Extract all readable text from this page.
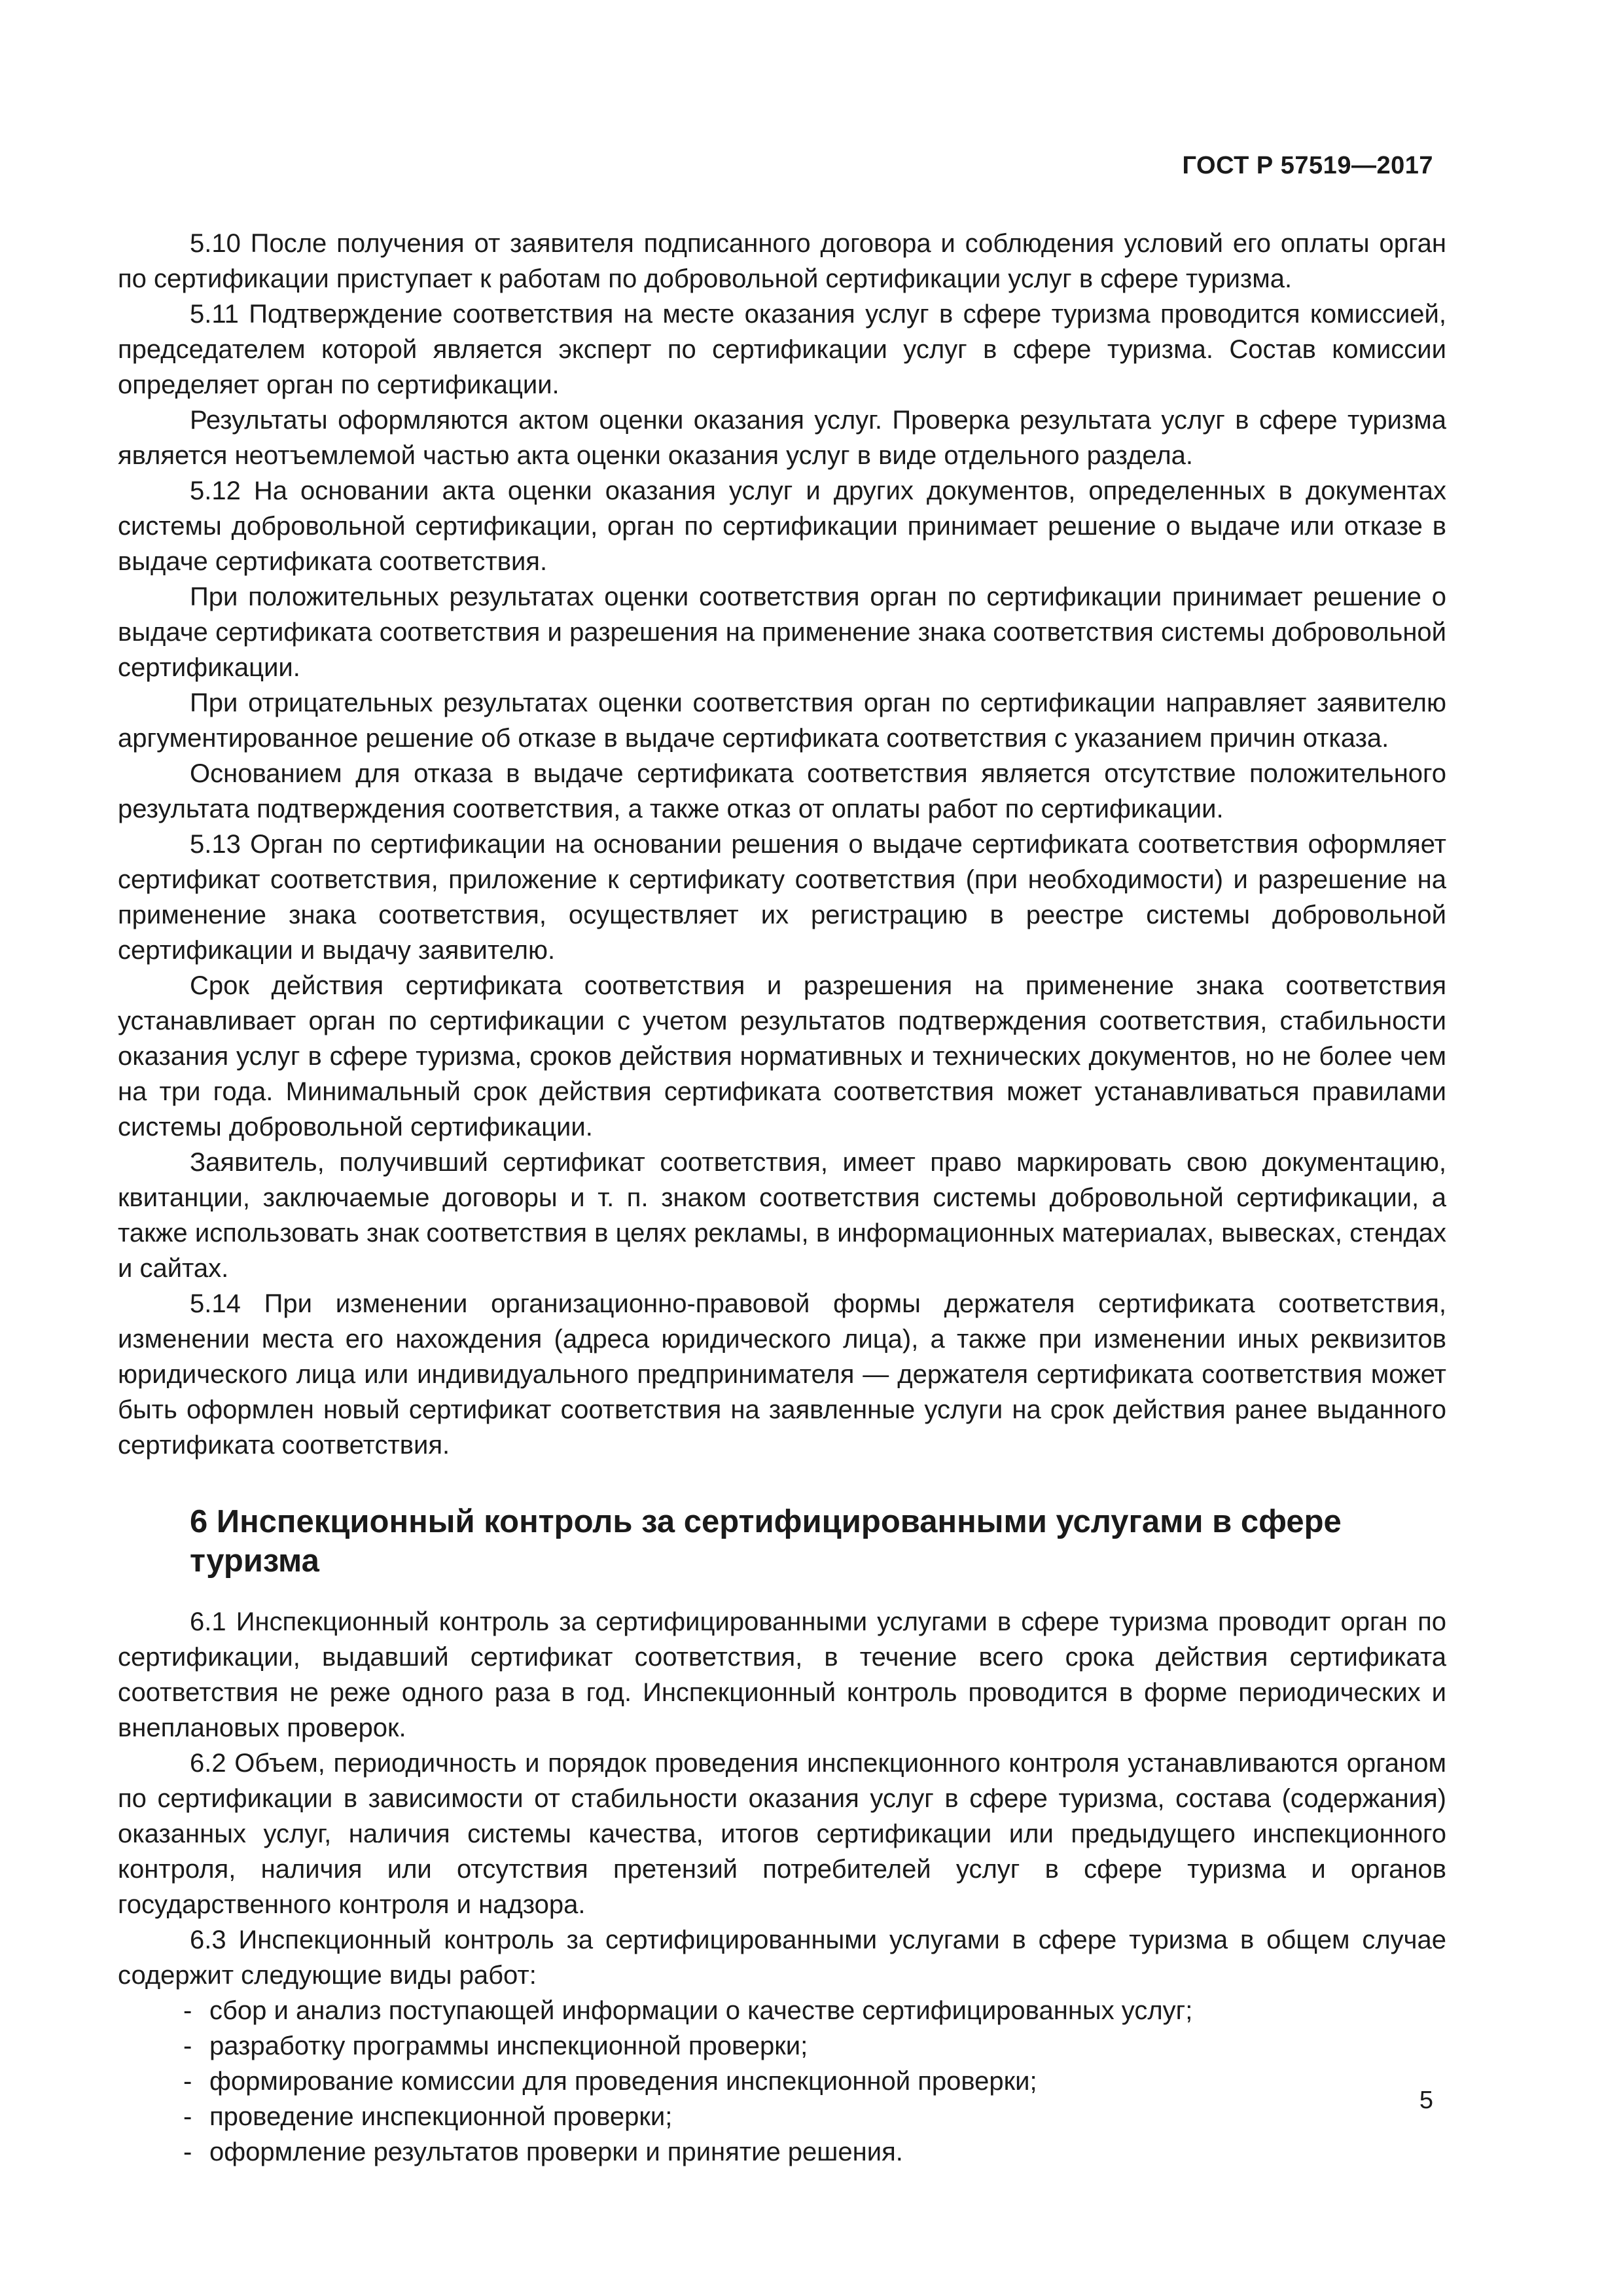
ГОСТ Р 57519—2017

5.10 После получения от заявителя подписанного договора и соблюдения условий его оплаты орган по сертификации приступает к работам по добровольной сертификации услуг в сфере туризма.

5.11 Подтверждение соответствия на месте оказания услуг в сфере туризма проводится комиссией, председателем которой является эксперт по сертификации услуг в сфере туризма. Состав комиссии определяет орган по сертификации.

Результаты оформляются актом оценки оказания услуг. Проверка результата услуг в сфере туризма является неотъемлемой частью акта оценки оказания услуг в виде отдельного раздела.

5.12 На основании акта оценки оказания услуг и других документов, определенных в документах системы добровольной сертификации, орган по сертификации принимает решение о выдаче или отказе в выдаче сертификата соответствия.

При положительных результатах оценки соответствия орган по сертификации принимает решение о выдаче сертификата соответствия и разрешения на применение знака соответствия системы добровольной сертификации.

При отрицательных результатах оценки соответствия орган по сертификации направляет заявителю аргументированное решение об отказе в выдаче сертификата соответствия с указанием причин отказа.

Основанием для отказа в выдаче сертификата соответствия является отсутствие положительного результата подтверждения соответствия, а также отказ от оплаты работ по сертификации.

5.13 Орган по сертификации на основании решения о выдаче сертификата соответствия оформляет сертификат соответствия, приложение к сертификату соответствия (при необходимости) и разрешение на применение знака соответствия, осуществляет их регистрацию в реестре системы добровольной сертификации и выдачу заявителю.

Срок действия сертификата соответствия и разрешения на применение знака соответствия устанавливает орган по сертификации с учетом результатов подтверждения соответствия, стабильности оказания услуг в сфере туризма, сроков действия нормативных и технических документов, но не более чем на три года. Минимальный срок действия сертификата соответствия может устанавливаться правилами системы добровольной сертификации.

Заявитель, получивший сертификат соответствия, имеет право маркировать свою документацию, квитанции, заключаемые договоры и т. п. знаком соответствия системы добровольной сертификации, а также использовать знак соответствия в целях рекламы, в информационных материалах, вывесках, стендах и сайтах.

5.14 При изменении организационно-правовой формы держателя сертификата соответствия, изменении места его нахождения (адреса юридического лица), а также при изменении иных реквизитов юридического лица или индивидуального предпринимателя — держателя сертификата соответствия может быть оформлен новый сертификат соответствия на заявленные услуги на срок действия ранее выданного сертификата соответствия.

6 Инспекционный контроль за сертифицированными услугами в сфере туризма

6.1 Инспекционный контроль за сертифицированными услугами в сфере туризма проводит орган по сертификации, выдавший сертификат соответствия, в течение всего срока действия сертификата соответствия не реже одного раза в год. Инспекционный контроль проводится в форме периодических и внеплановых проверок.

6.2 Объем, периодичность и порядок проведения инспекционного контроля устанавливаются органом по сертификации в зависимости от стабильности оказания услуг в сфере туризма, состава (содержания) оказанных услуг, наличия системы качества, итогов сертификации или предыдущего инспекционного контроля, наличия или отсутствия претензий потребителей услуг в сфере туризма и органов государственного контроля и надзора.

6.3 Инспекционный контроль за сертифицированными услугами в сфере туризма в общем случае содержит следующие виды работ:

- сбор и анализ поступающей информации о качестве сертифицированных услуг;
- разработку программы инспекционной проверки;
- формирование комиссии для проведения инспекционной проверки;
- проведение инспекционной проверки;
- оформление результатов проверки и принятие решения.
5
